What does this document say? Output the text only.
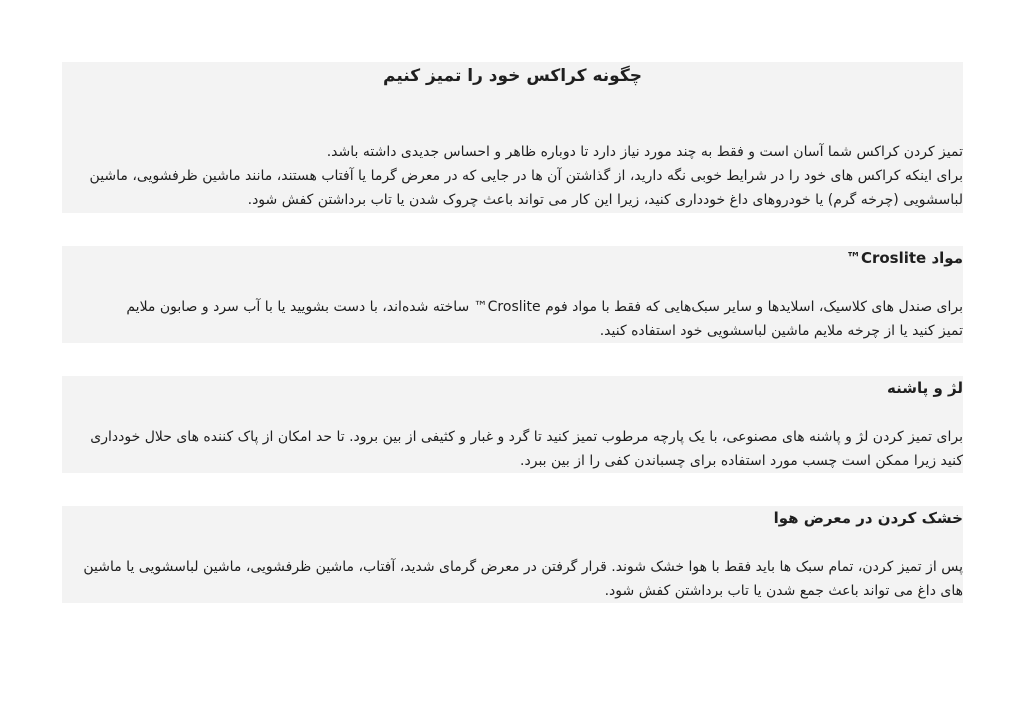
چگونه کراکس خود را تمیز کنیم

تمیز کردن کراکس شما آسان است و فقط به چند مورد نیاز دارد تا دوباره ظاهر و احساس جدیدی داشته باشد.

برای اینکه کراکس های خود را در شرایط خوبی نگه دارید، از گذاشتن آن ها در جایی که در معرض گرما یا آفتاب هستند، مانند ماشین ظرفشویی، ماشین

لباسشویی (چرخه گرم) یا خودروهای داغ خودداری کنید، زیرا این کار می تواند باعث چروک شدن یا تاب برداشتن کفش شود.

مواد Croslite™

برای صندل های کلاسیک، اسلایدها و سایر سبک‌هایی که فقط با مواد فوم Croslite™ ساخته شده‌اند، با دست بشویید یا با آب سرد و صابون ملایم

تمیز کنید یا از چرخه ملایم ماشین لباسشویی خود استفاده کنید.

لژ و پاشنه

برای تمیز کردن لژ و پاشنه های مصنوعی، با یک پارچه مرطوب تمیز کنید تا گرد و غبار و کثیفی از بین برود. تا حد امکان از پاک کننده های حلال خودداری

کنید زیرا ممکن است چسب مورد استفاده برای چسباندن کفی را از بین ببرد.

خشک کردن در معرض هوا

پس از تمیز کردن، تمام سبک ها باید فقط با هوا خشک شوند. قرار گرفتن در معرض گرمای شدید، آفتاب، ماشین ظرفشویی، ماشین لباسشویی یا ماشین

های داغ می تواند باعث جمع شدن یا تاب برداشتن کفش شود.
